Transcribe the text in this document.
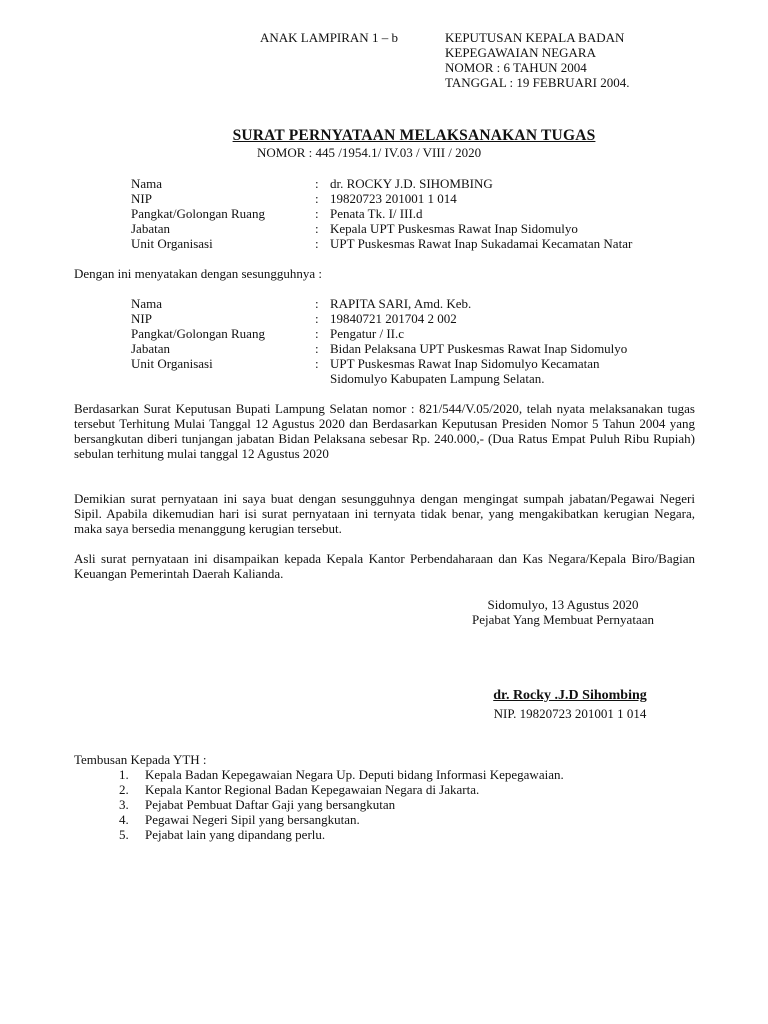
ANAK LAMPIRAN 1 – b	KEPUTUSAN KEPALA BADAN
KEPEGAWAIAN NEGARA
NOMOR : 6 TAHUN 2004
TANGGAL : 19 FEBRUARI 2004.
SURAT PERNYATAAN MELAKSANAKAN TUGAS
NOMOR : 445 /1954.1/ IV.03 / VIII / 2020
Nama	: dr. ROCKY J.D. SIHOMBING
NIP	: 19820723 201001 1 014
Pangkat/Golongan Ruang	: Penata Tk. I/ III.d
Jabatan	: Kepala UPT Puskesmas Rawat Inap Sidomulyo
Unit Organisasi	: UPT Puskesmas Rawat Inap Sukadamai Kecamatan Natar
Dengan ini menyatakan dengan sesungguhnya :
Nama	: RAPITA SARI, Amd. Keb.
NIP	: 19840721 201704 2 002
Pangkat/Golongan Ruang	: Pengatur / II.c
Jabatan	: Bidan Pelaksana UPT Puskesmas Rawat Inap Sidomulyo
Unit Organisasi	: UPT Puskesmas Rawat Inap Sidomulyo Kecamatan
Sidomulyo Kabupaten Lampung Selatan.
Berdasarkan Surat Keputusan Bupati Lampung Selatan nomor : 821/544/V.05/2020, telah nyata melaksanakan tugas tersebut Terhitung Mulai Tanggal 12 Agustus 2020 dan Berdasarkan Keputusan Presiden Nomor 5 Tahun 2004 yang bersangkutan diberi tunjangan jabatan Bidan Pelaksana sebesar Rp. 240.000,- (Dua Ratus Empat Puluh Ribu Rupiah) sebulan terhitung mulai tanggal 12 Agustus 2020
Demikian surat pernyataan ini saya buat dengan sesungguhnya dengan mengingat sumpah jabatan/Pegawai Negeri Sipil. Apabila dikemudian hari isi surat pernyataan ini ternyata tidak benar, yang mengakibatkan kerugian Negara, maka saya bersedia menanggung kerugian tersebut.
Asli surat pernyataan ini disampaikan kepada Kepala Kantor Perbendaharaan dan Kas Negara/Kepala Biro/Bagian Keuangan Pemerintah Daerah Kalianda.
Sidomulyo, 13 Agustus 2020
Pejabat Yang Membuat Pernyataan
dr. Rocky .J.D Sihombing
NIP. 19820723 201001 1 014
Tembusan Kepada YTH :
1. Kepala Badan Kepegawaian Negara Up. Deputi bidang Informasi Kepegawaian.
2. Kepala Kantor Regional Badan Kepegawaian Negara di Jakarta.
3. Pejabat Pembuat Daftar Gaji yang bersangkutan
4. Pegawai Negeri Sipil yang bersangkutan.
5. Pejabat lain yang dipandang perlu.
